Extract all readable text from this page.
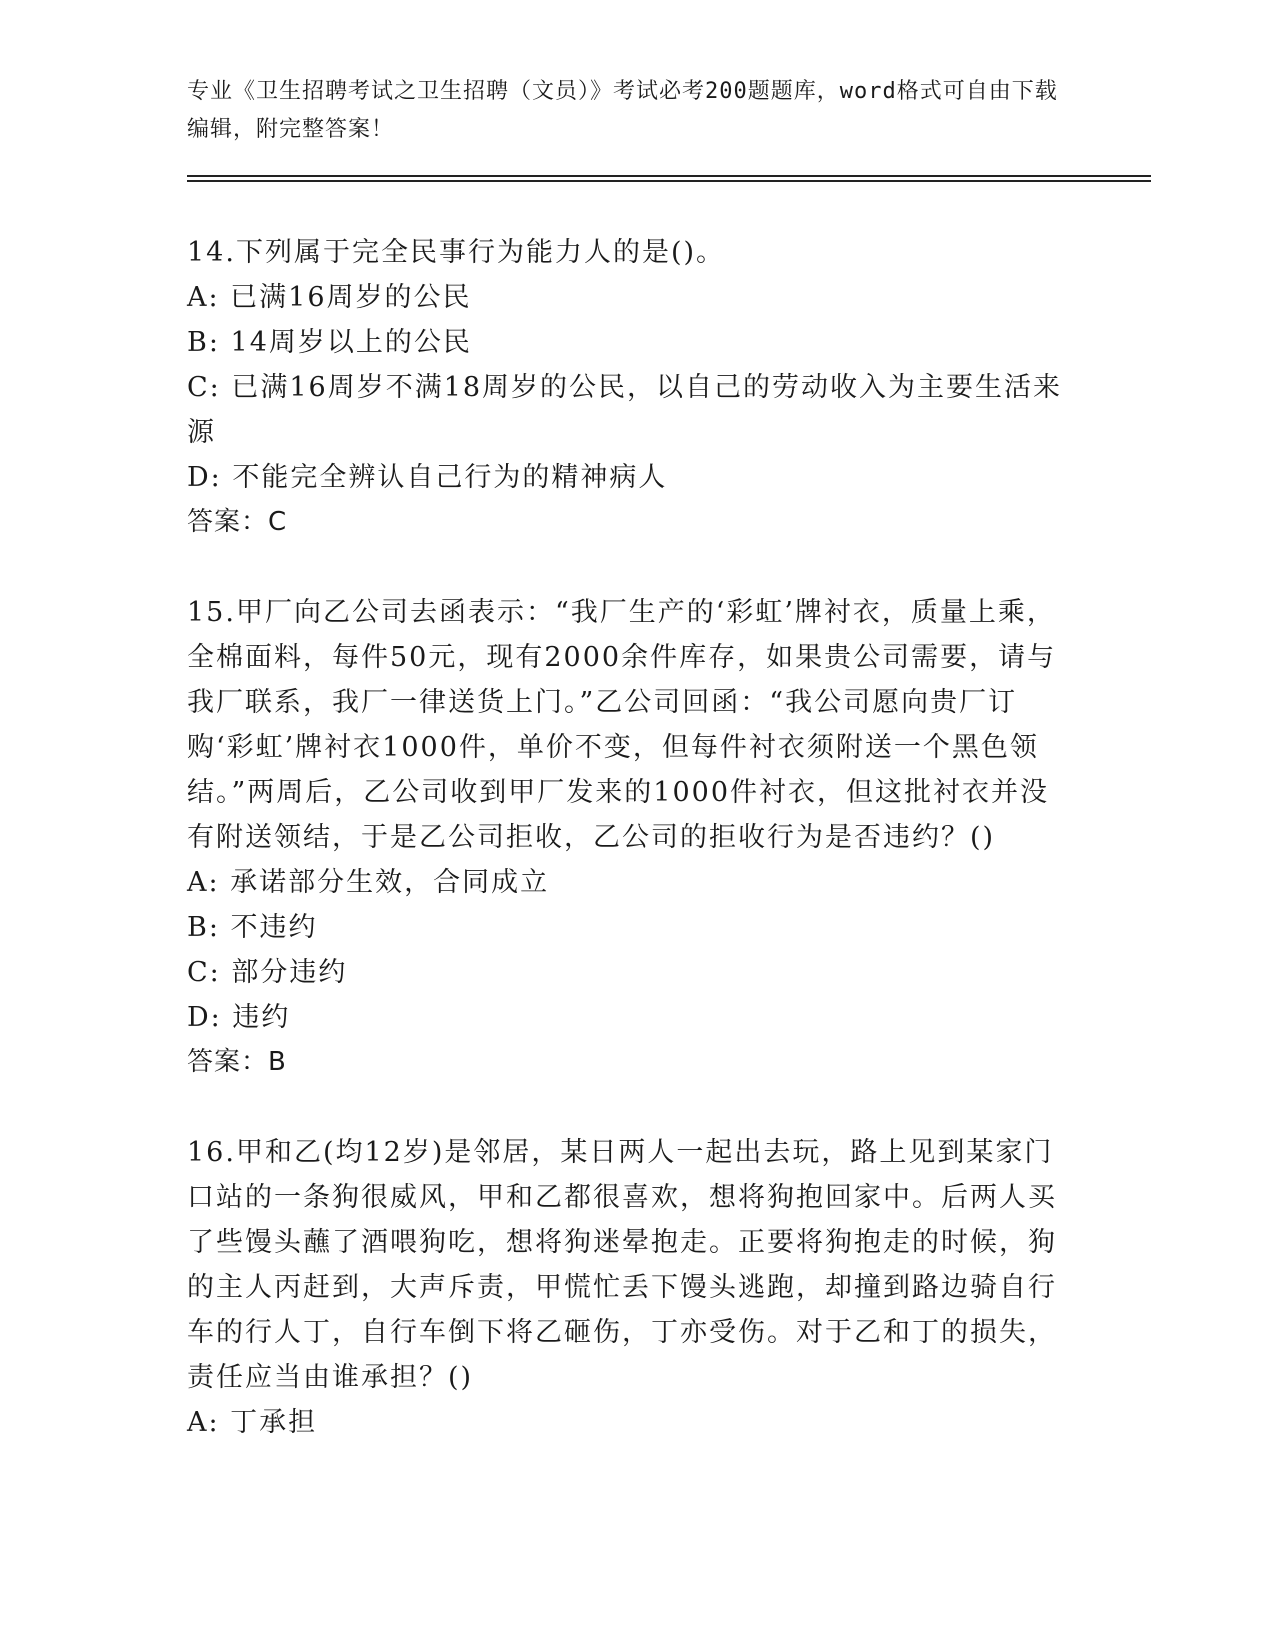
专业《卫生招聘考试之卫生招聘（文员）》考试必考200题题库，word格式可自由下载编辑，附完整答案！

14.下列属于完全民事行为能力人的是()。

A: 已满16周岁的公民

B: 14周岁以上的公民

C: 已满16周岁不满18周岁的公民，以自己的劳动收入为主要生活来源

D: 不能完全辨认自己行为的精神病人

答案：C

15.甲厂向乙公司去函表示：“我厂生产的‘彩虹’牌衬衣，质量上乘，全棉面料，每件50元，现有2000余件库存，如果贵公司需要，请与我厂联系，我厂一律送货上门。”乙公司回函：“我公司愿向贵厂订购‘彩虹’牌衬衣1000件，单价不变，但每件衬衣须附送一个黑色领结。”两周后，乙公司收到甲厂发来的1000件衬衣，但这批衬衣并没有附送领结，于是乙公司拒收，乙公司的拒收行为是否违约？()

A: 承诺部分生效，合同成立

B: 不违约

C: 部分违约

D: 违约

答案：B

16.甲和乙(均12岁)是邻居，某日两人一起出去玩，路上见到某家门口站的一条狗很威风，甲和乙都很喜欢，想将狗抱回家中。后两人买了些馒头蘸了酒喂狗吃，想将狗迷晕抱走。正要将狗抱走的时候，狗的主人丙赶到，大声斥责，甲慌忙丢下馒头逃跑，却撞到路边骑自行车的行人丁，自行车倒下将乙砸伤，丁亦受伤。对于乙和丁的损失，责任应当由谁承担？()

A: 丁承担
